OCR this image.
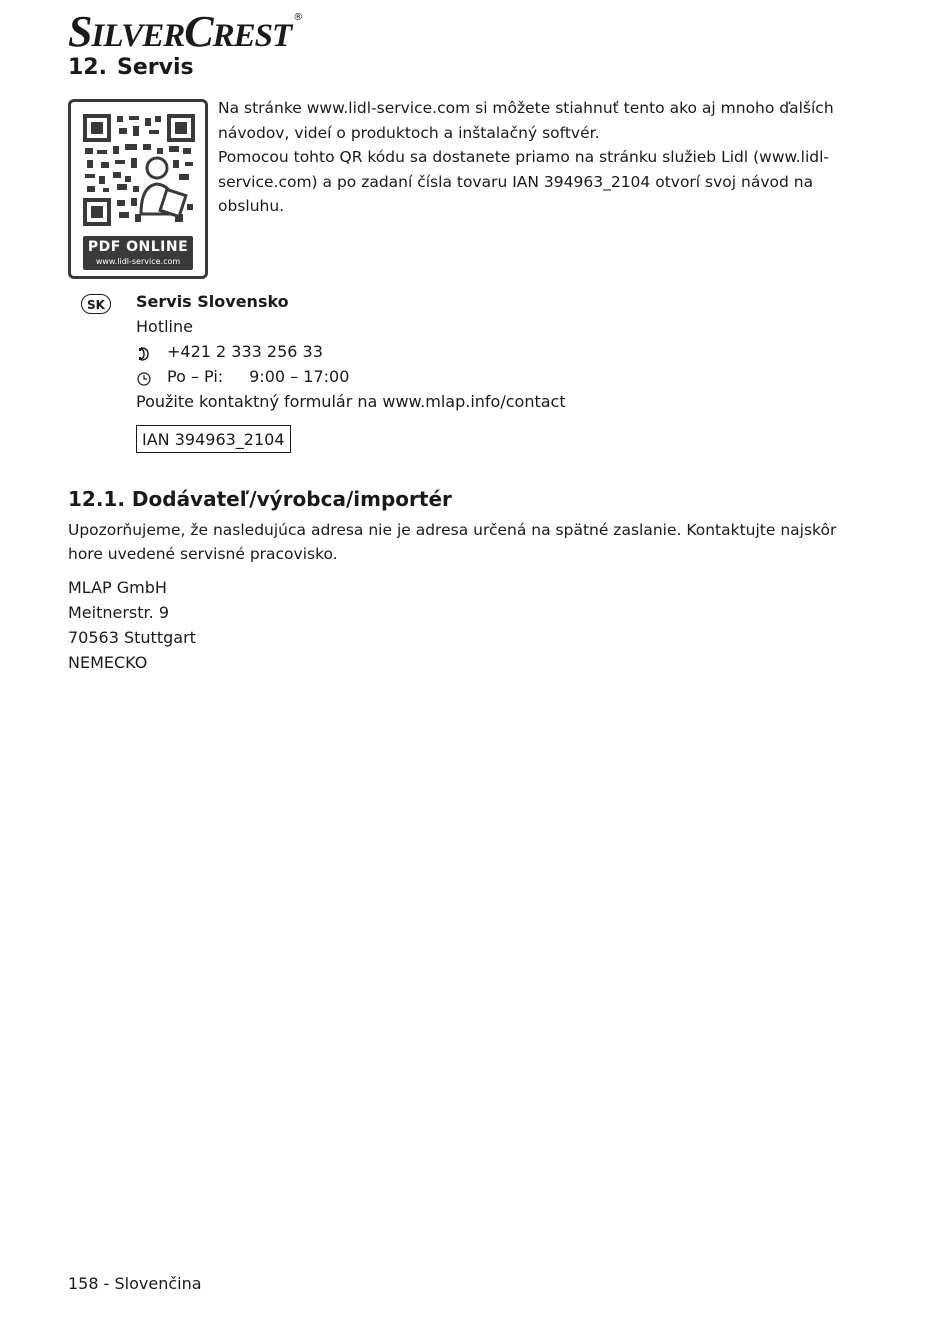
SILVERCREST®
12. Servis
PDF ONLINE
www.lidl-service.com

Na stránke www.lidl-service.com si môžete stiahnuť tento ako aj mnoho ďalších návodov, videí o produktoch a inštalačný softvér.

Pomocou tohto QR kódu sa dostanete priamo na stránku služieb Lidl (www.lidl-service.com) a po zadaní čísla tovaru IAN 394963_2104 otvorí svoj návod na obsluhu.

SK	Servis Slovensko
Hotline
+421 2 333 256 33
Po – Pi: 9:00 – 17:00
Použite kontaktný formulár na www.mlap.info/contact
IAN 394963_2104
12.1. Dodávateľ/výrobca/importér

Upozorňujeme, že nasledujúca adresa nie je adresa určená na spätné zaslanie. Kontaktujte najskôr hore uvedené servisné pracovisko.

MLAP GmbH
Meitnerstr. 9
70563 Stuttgart
NEMECKO
158 - Slovenčina
